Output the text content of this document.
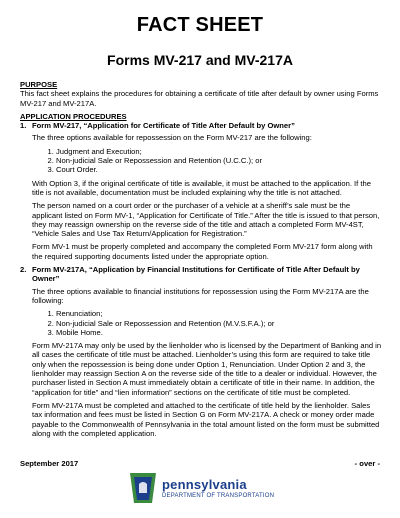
FACT SHEET
Forms MV-217 and MV-217A

PURPOSE

This fact sheet explains the procedures for obtaining a certificate of title after default by owner using Forms MV-217 and MV-217A.

APPLICATION PROCEDURES

1. Form MV-217, “Application for Certificate of Title After Default by Owner”

The three options available for repossession on the Form MV-217 are the following:

1. Judgment and Execution;
2. Non-judicial Sale or Repossession and Retention (U.C.C.); or
3. Court Order.

With Option 3, if the original certificate of title is available, it must be attached to the application. If the title is not available, documentation must be included explaining why the title is not attached.

The person named on a court order or the purchaser of a vehicle at a sheriff’s sale must be the applicant listed on Form MV-1, “Application for Certificate of Title.” After the title is issued to that person, they may reassign ownership on the reverse side of the title and attach a completed Form MV-4ST, “Vehicle Sales and Use Tax Return/Application for Registration.”

Form MV-1 must be properly completed and accompany the completed Form MV-217 form along with the required supporting documents listed under the appropriate option.

2. Form MV-217A, “Application by Financial Institutions for Certificate of Title After Default by Owner”

The three options available to financial institutions for repossession using the Form MV-217A are the following:

1. Renunciation;
2. Non-judicial Sale or Repossession and Retention (M.V.S.F.A.); or
3. Mobile Home.

Form MV-217A may only be used by the lienholder who is licensed by the Department of Banking and in all cases the certificate of title must be attached. Lienholder’s using this form are required to take title only when the repossession is being done under Option 1, Renunciation. Under Option 2 and 3, the lienholder may reassign Section A on the reverse side of the title to a dealer or individual. However, the purchaser listed in Section A must immediately obtain a certificate of title in their name. In addition, the “application for title” and “lien information” sections on the certificate of title must be completed.

Form MV-217A must be completed and attached to the certificate of title held by the lienholder. Sales tax information and fees must be listed in Section G on Form MV-217A. A check or money order made payable to the Commonwealth of Pennsylvania in the total amount listed on the form must be submitted along with the completed application.

September 2017	- over -
pennsylvania
DEPARTMENT OF TRANSPORTATION
